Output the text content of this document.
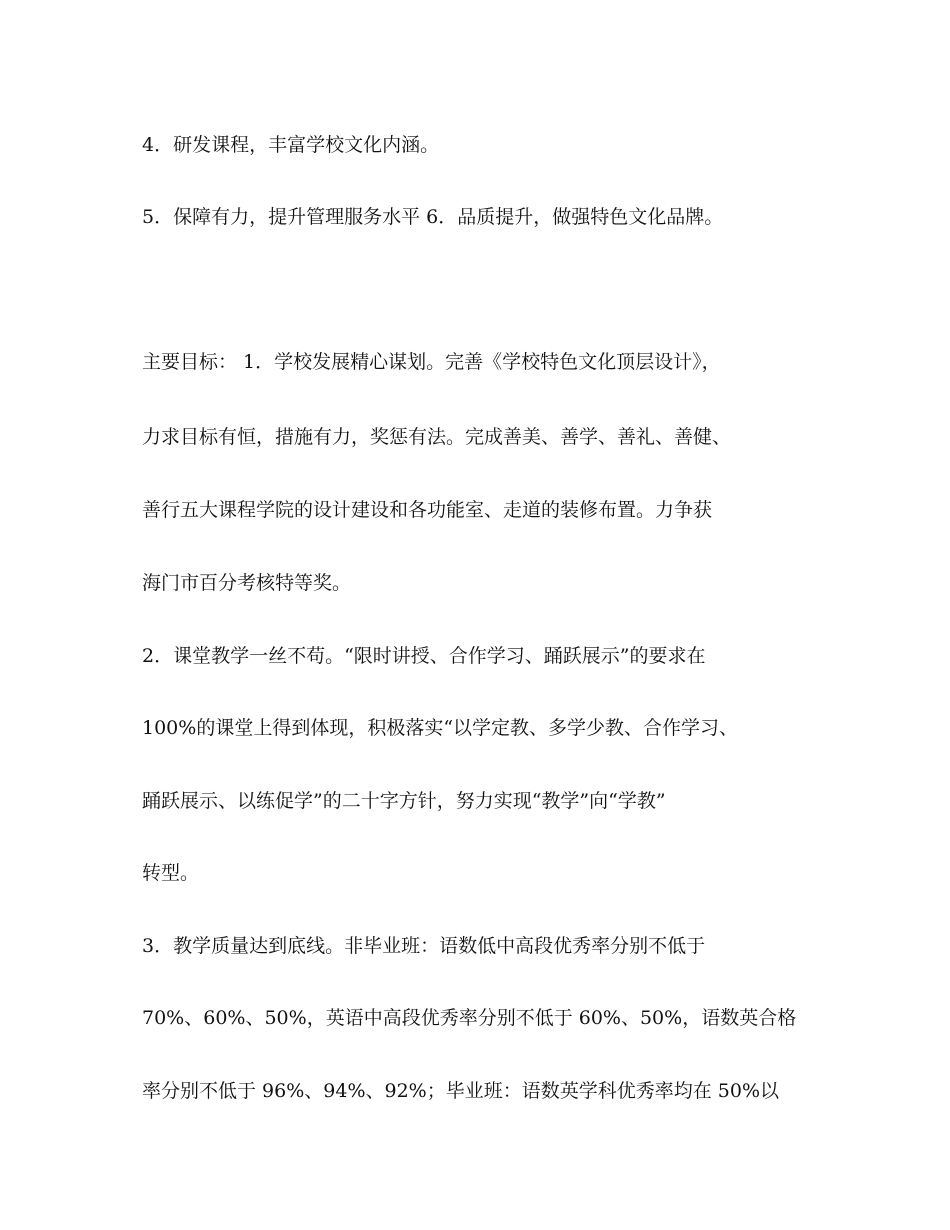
4．研发课程，丰富学校文化内涵。

5．保障有力，提升管理服务水平 6．品质提升，做强特色文化品牌。

主要目标： 1．学校发展精心谋划。完善《学校特色文化顶层设计》，

力求目标有恒，措施有力，奖惩有法。完成善美、善学、善礼、善健、

善行五大课程学院的设计建设和各功能室、走道的装修布置。力争获

海门市百分考核特等奖。

2．课堂教学一丝不苟。“限时讲授、合作学习、踊跃展示”的要求在

100%的课堂上得到体现，积极落实“以学定教、多学少教、合作学习、

踊跃展示、以练促学”的二十字方针，努力实现“教学”向“学教”

转型。

3．教学质量达到底线。非毕业班：语数低中高段优秀率分别不低于

70%、60%、50%，英语中高段优秀率分别不低于 60%、50%，语数英合格

率分别不低于 96%、94%、92%；毕业班：语数英学科优秀率均在 50%以
